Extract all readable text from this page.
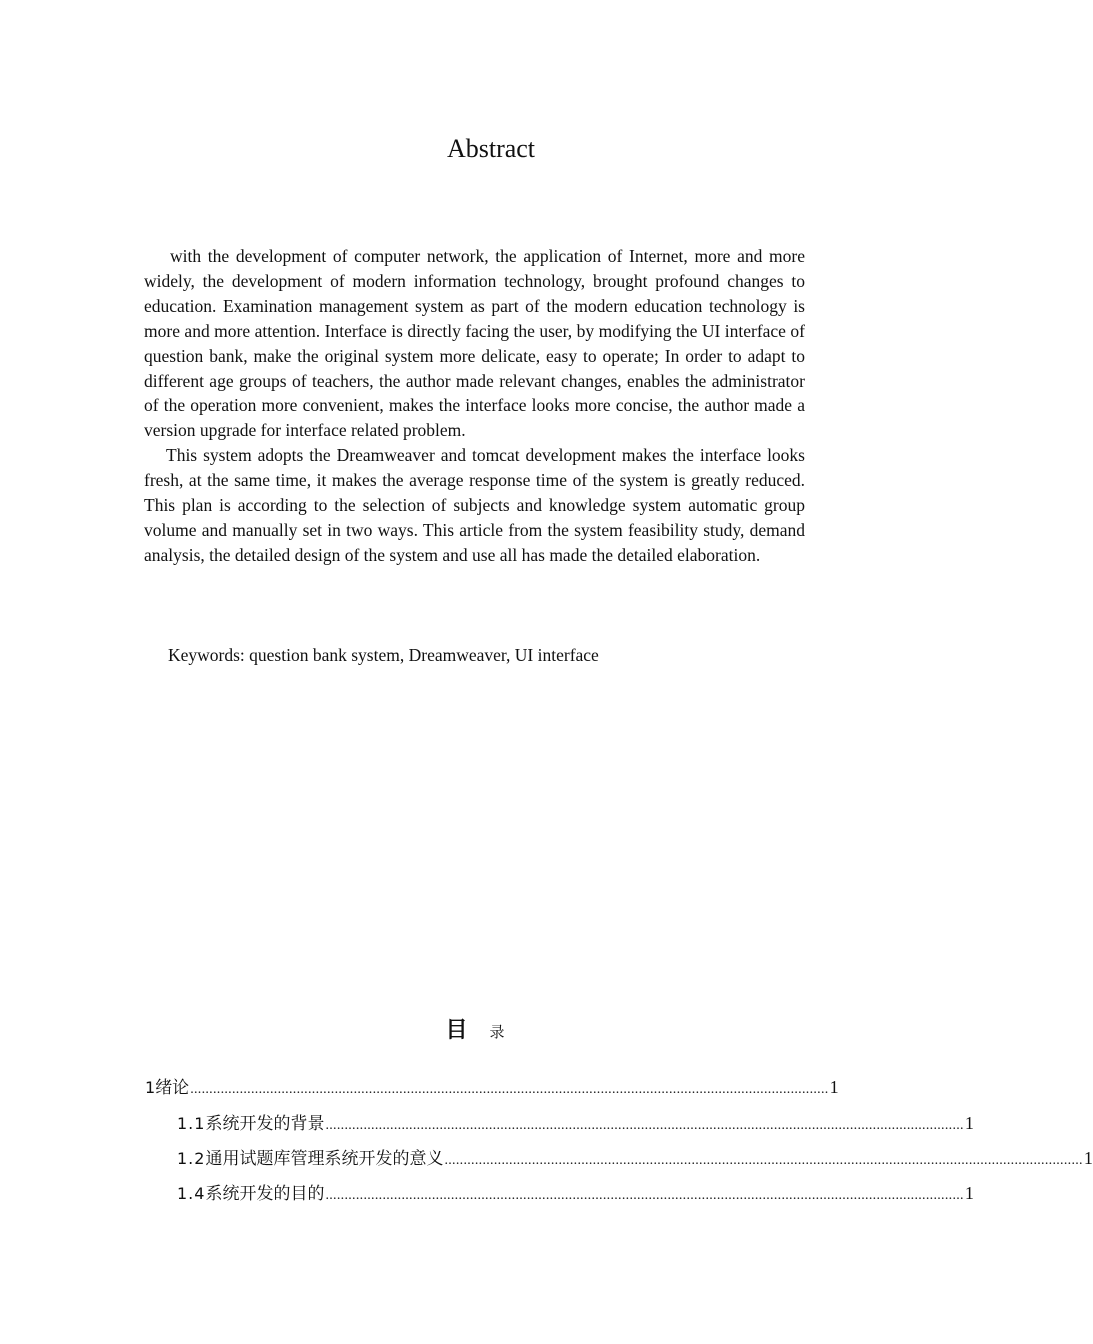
Abstract

with the development of computer network, the application of Internet, more and more widely, the development of modern information technology, brought profound changes to education. Examination management system as part of the modern education technology is more and more attention. Interface is directly facing the user, by modifying the UI interface of question bank, make the original system more delicate, easy to operate; In order to adapt to different age groups of teachers, the author made relevant changes, enables the administrator of the operation more convenient, makes the interface looks more concise, the author made a version upgrade for interface related problem.

This system adopts the Dreamweaver and tomcat development makes the interface looks fresh, at the same time, it makes the average response time of the system is greatly reduced. This plan is according to the selection of subjects and knowledge system automatic group volume and manually set in two ways. This article from the system feasibility study, demand analysis, the detailed design of the system and use all has made the detailed elaboration.

Keywords: question bank system, Dreamweaver, UI interface
目 录
1 绪论 ........................................................................................................................................................................ 1
1.1 系统开发的背景 ........................................................................................................................................................................ 1
1.2 通用试题库管理系统开发的意义 ........................................................................................................................................................................ 1
1.4 系统开发的目的 ........................................................................................................................................................................ 1
